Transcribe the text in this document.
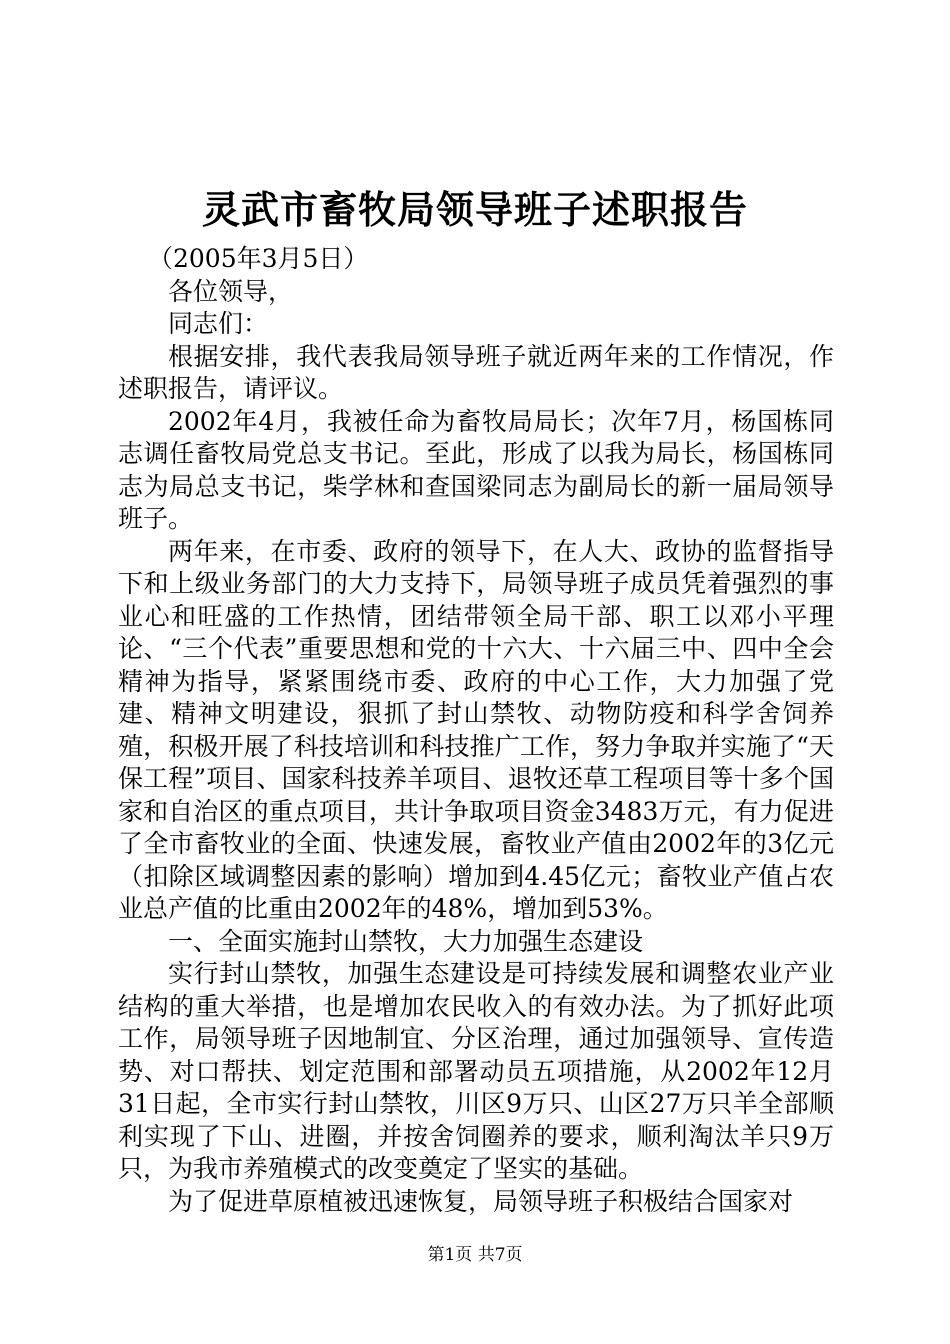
灵武市畜牧局领导班子述职报告

（2005年3月5日）

各位领导，

同志们：

根据安排，我代表我局领导班子就近两年来的工作情况，作述职报告，请评议。

2002年4月，我被任命为畜牧局局长；次年7月，杨国栋同志调任畜牧局党总支书记。至此，形成了以我为局长，杨国栋同志为局总支书记，柴学林和查国梁同志为副局长的新一届局领导班子。

两年来，在市委、政府的领导下，在人大、政协的监督指导下和上级业务部门的大力支持下，局领导班子成员凭着强烈的事业心和旺盛的工作热情，团结带领全局干部、职工以邓小平理论、“三个代表”重要思想和党的十六大、十六届三中、四中全会精神为指导，紧紧围绕市委、政府的中心工作，大力加强了党建、精神文明建设，狠抓了封山禁牧、动物防疫和科学舍饲养殖，积极开展了科技培训和科技推广工作，努力争取并实施了“天保工程”项目、国家科技养羊项目、退牧还草工程项目等十多个国家和自治区的重点项目，共计争取项目资金3483万元，有力促进了全市畜牧业的全面、快速发展，畜牧业产值由2002年的3亿元（扣除区域调整因素的影响）增加到4.45亿元；畜牧业产值占农业总产值的比重由2002年的48%，增加到53%。

一、全面实施封山禁牧，大力加强生态建设

实行封山禁牧，加强生态建设是可持续发展和调整农业产业结构的重大举措，也是增加农民收入的有效办法。为了抓好此项工作，局领导班子因地制宜、分区治理，通过加强领导、宣传造势、对口帮扶、划定范围和部署动员五项措施，从2002年12月31日起，全市实行封山禁牧，川区9万只、山区27万只羊全部顺利实现了下山、进圈，并按舍饲圈养的要求，顺利淘汰羊只9万只，为我市养殖模式的改变奠定了坚实的基础。

为了促进草原植被迅速恢复，局领导班子积极结合国家对

第1页 共7页
